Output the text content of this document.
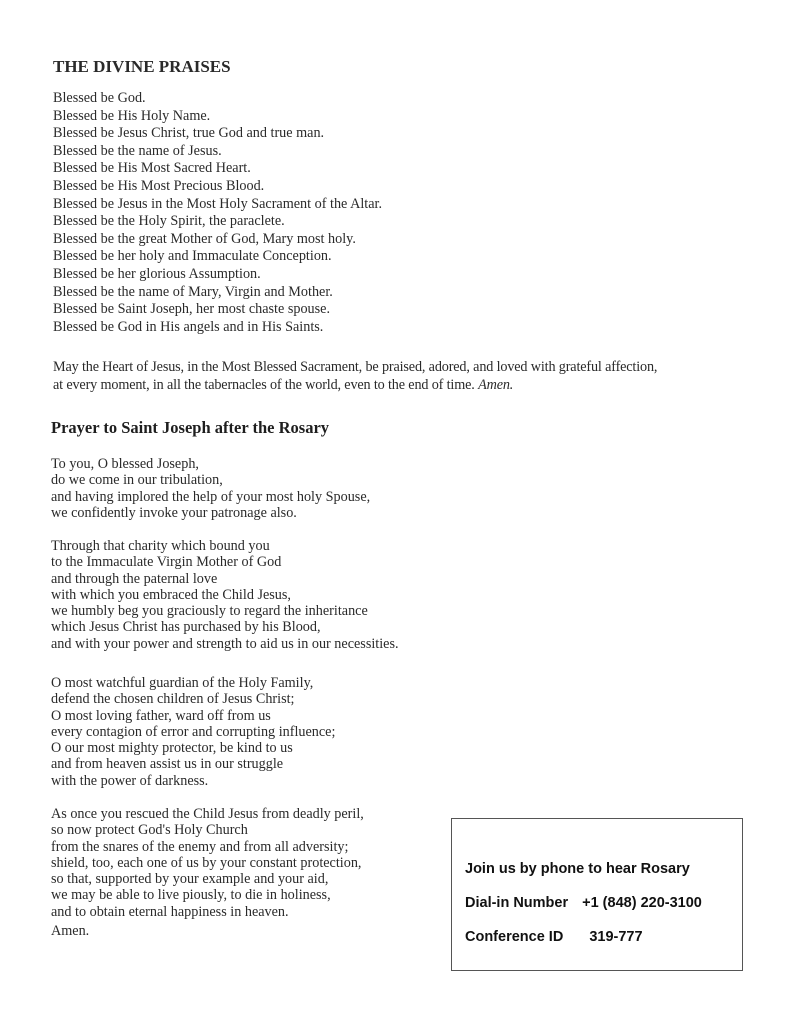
THE DIVINE PRAISES
Blessed be God.
Blessed be His Holy Name.
Blessed be Jesus Christ, true God and true man.
Blessed be the name of Jesus.
Blessed be His Most Sacred Heart.
Blessed be His Most Precious Blood.
Blessed be Jesus in the Most Holy Sacrament of the Altar.
Blessed be the Holy Spirit, the paraclete.
Blessed be the great Mother of God, Mary most holy.
Blessed be her holy and Immaculate Conception.
Blessed be her glorious Assumption.
Blessed be the name of Mary, Virgin and Mother.
Blessed be Saint Joseph, her most chaste spouse.
Blessed be God in His angels and in His Saints.
May the Heart of Jesus, in the Most Blessed Sacrament, be praised, adored, and loved with grateful affection,
at every moment, in all the tabernacles of the world, even to the end of time. Amen.
Prayer to Saint Joseph after the Rosary
To you, O blessed Joseph,
do we come in our tribulation,
and having implored the help of your most holy Spouse,
we confidently invoke your patronage also.
Through that charity which bound you
to the Immaculate Virgin Mother of God
and through the paternal love
with which you embraced the Child Jesus,
we humbly beg you graciously to regard the inheritance
which Jesus Christ has purchased by his Blood,
and with your power and strength to aid us in our necessities.
O most watchful guardian of the Holy Family,
defend the chosen children of Jesus Christ;
O most loving father, ward off from us
every contagion of error and corrupting influence;
O our most mighty protector, be kind to us
and from heaven assist us in our struggle
with the power of darkness.
As once you rescued the Child Jesus from deadly peril,
so now protect God's Holy Church
from the snares of the enemy and from all adversity;
shield, too, each one of us by your constant protection,
so that, supported by your example and your aid,
we may be able to live piously, to die in holiness,
and to obtain eternal happiness in heaven.
Amen.
Join us by phone to hear Rosary
Dial-in Number +1 (848) 220-3100
Conference ID 319-777
